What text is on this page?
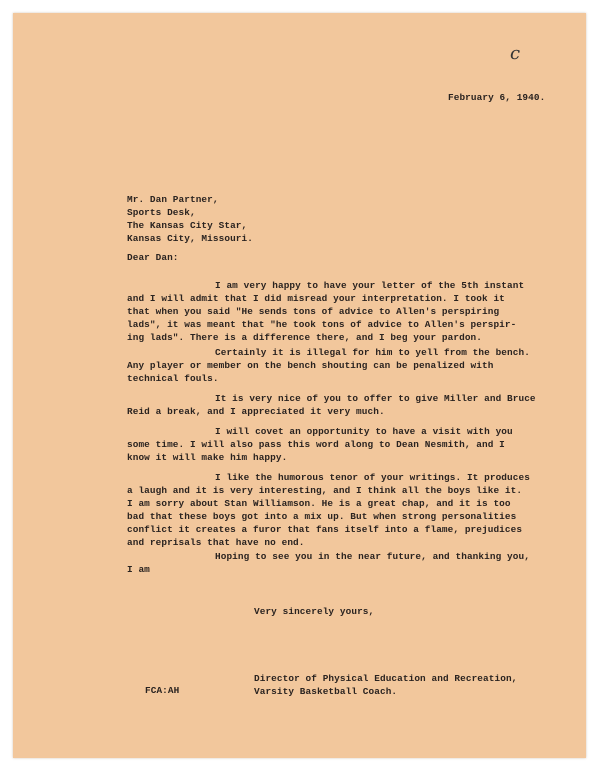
c
February 6, 1940.
Mr. Dan Partner,
Sports Desk,
The Kansas City Star,
Kansas City, Missouri.
Dear Dan:
I am very happy to have your letter of the 5th instant
and I will admit that I did misread your interpretation. I took it
that when you said "He sends tons of advice to Allen's perspiring
lads", it was meant that "he took tons of advice to Allen's perspir-
ing lads". There is a difference there, and I beg your pardon.
Certainly it is illegal for him to yell from the bench.
Any player or member on the bench shouting can be penalized with
technical fouls.
It is very nice of you to offer to give Miller and Bruce
Reid a break, and I appreciated it very much.
I will covet an opportunity to have a visit with you
some time. I will also pass this word along to Dean Nesmith, and I
know it will make him happy.
I like the humorous tenor of your writings. It produces
a laugh and it is very interesting, and I think all the boys like it.
I am sorry about Stan Williamson. He is a great chap, and it is too
bad that these boys got into a mix up. But when strong personalities
conflict it creates a furor that fans itself into a flame, prejudices
and reprisals that have no end.
Hoping to see you in the near future, and thanking you,
I am
Very sincerely yours,
Director of Physical Education and Recreation,
Varsity Basketball Coach.
FCA:AH
